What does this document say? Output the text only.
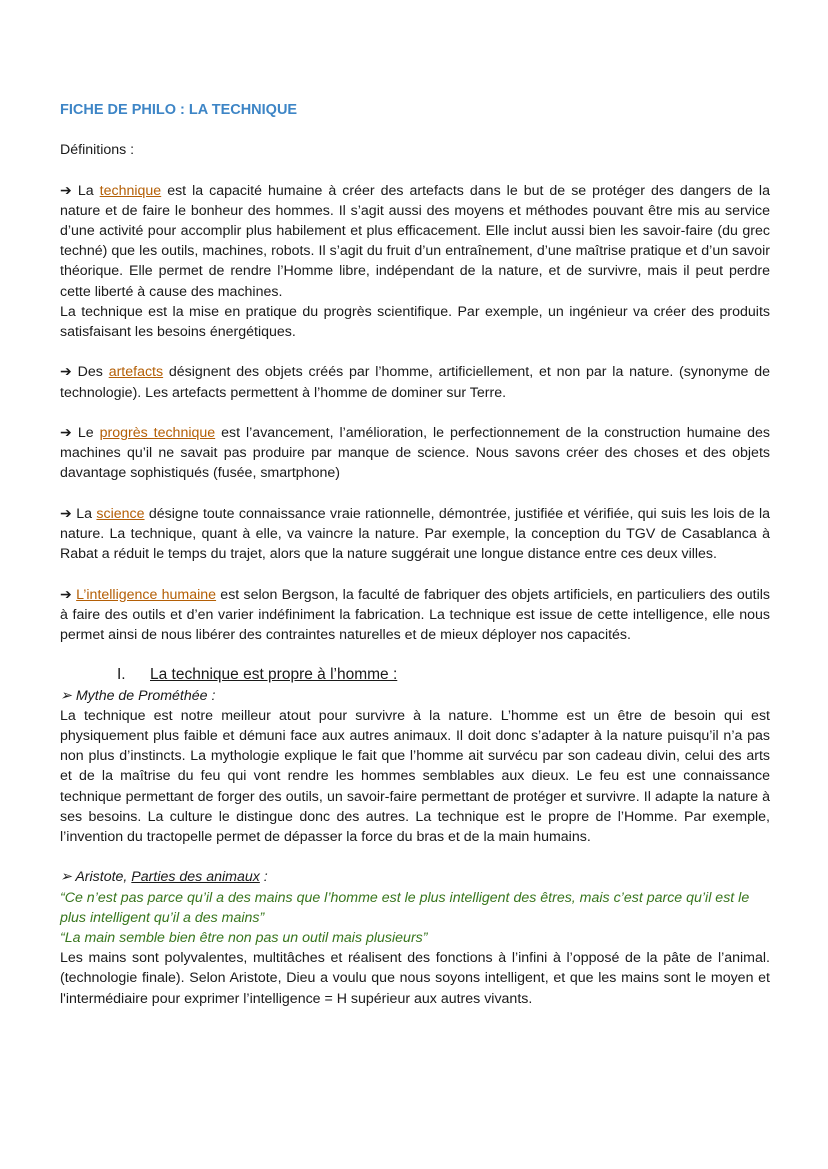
FICHE DE PHILO : LA TECHNIQUE

Définitions :

➔ La technique est la capacité humaine à créer des artefacts dans le but de se protéger des dangers de la nature et de faire le bonheur des hommes. Il s’agit aussi des moyens et méthodes pouvant être mis au service d’une activité pour accomplir plus habilement et plus efficacement. Elle inclut aussi bien les savoir-faire (du grec techné) que les outils, machines, robots. Il s’agit du fruit d’un entraînement, d’une maîtrise pratique et d’un savoir théorique. Elle permet de rendre l’Homme libre, indépendant de la nature, et de survivre, mais il peut perdre cette liberté à cause des machines.

La technique est la mise en pratique du progrès scientifique. Par exemple, un ingénieur va créer des produits satisfaisant les besoins énergétiques.

➔ Des artefacts désignent des objets créés par l’homme, artificiellement, et non par la nature. (synonyme de technologie). Les artefacts permettent à l’homme de dominer sur Terre.

➔ Le progrès technique est l’avancement, l’amélioration, le perfectionnement de la construction humaine des machines qu’il ne savait pas produire par manque de science. Nous savons créer des choses et des objets davantage sophistiqués (fusée, smartphone)

➔ La science désigne toute connaissance vraie rationnelle, démontrée, justifiée et vérifiée, qui suis les lois de la nature. La technique, quant à elle, va vaincre la nature. Par exemple, la conception du TGV de Casablanca à Rabat a réduit le temps du trajet, alors que la nature suggérait une longue distance entre ces deux villes.

➔ L’intelligence humaine est selon Bergson, la faculté de fabriquer des objets artificiels, en particuliers des outils à faire des outils et d’en varier indéfiniment la fabrication. La technique est issue de cette intelligence, elle nous permet ainsi de nous libérer des contraintes naturelles et de mieux déployer nos capacités.

I. La technique est propre à l’homme :

➢ Mythe de Prométhée :

La technique est notre meilleur atout pour survivre à la nature. L’homme est un être de besoin qui est physiquement plus faible et démuni face aux autres animaux. Il doit donc s’adapter à la nature puisqu’il n’a pas non plus d’instincts. La mythologie explique le fait que l’homme ait survécu par son cadeau divin, celui des arts et de la maîtrise du feu qui vont rendre les hommes semblables aux dieux. Le feu est une connaissance technique permettant de forger des outils, un savoir-faire permettant de protéger et survivre. Il adapte la nature à ses besoins. La culture le distingue donc des autres. La technique est le propre de l’Homme. Par exemple, l’invention du tractopelle permet de dépasser la force du bras et de la main humains.

➢ Aristote, Parties des animaux :

“Ce n’est pas parce qu’il a des mains que l’homme est le plus intelligent des êtres, mais c’est parce qu’il est le plus intelligent qu’il a des mains”

“La main semble bien être non pas un outil mais plusieurs”

Les mains sont polyvalentes, multitâches et réalisent des fonctions à l’infini à l’opposé de la pâte de l’animal.(technologie finale). Selon Aristote, Dieu a voulu que nous soyons intelligent, et que les mains sont le moyen et l'intermédiaire pour exprimer l’intelligence = H supérieur aux autres vivants.
